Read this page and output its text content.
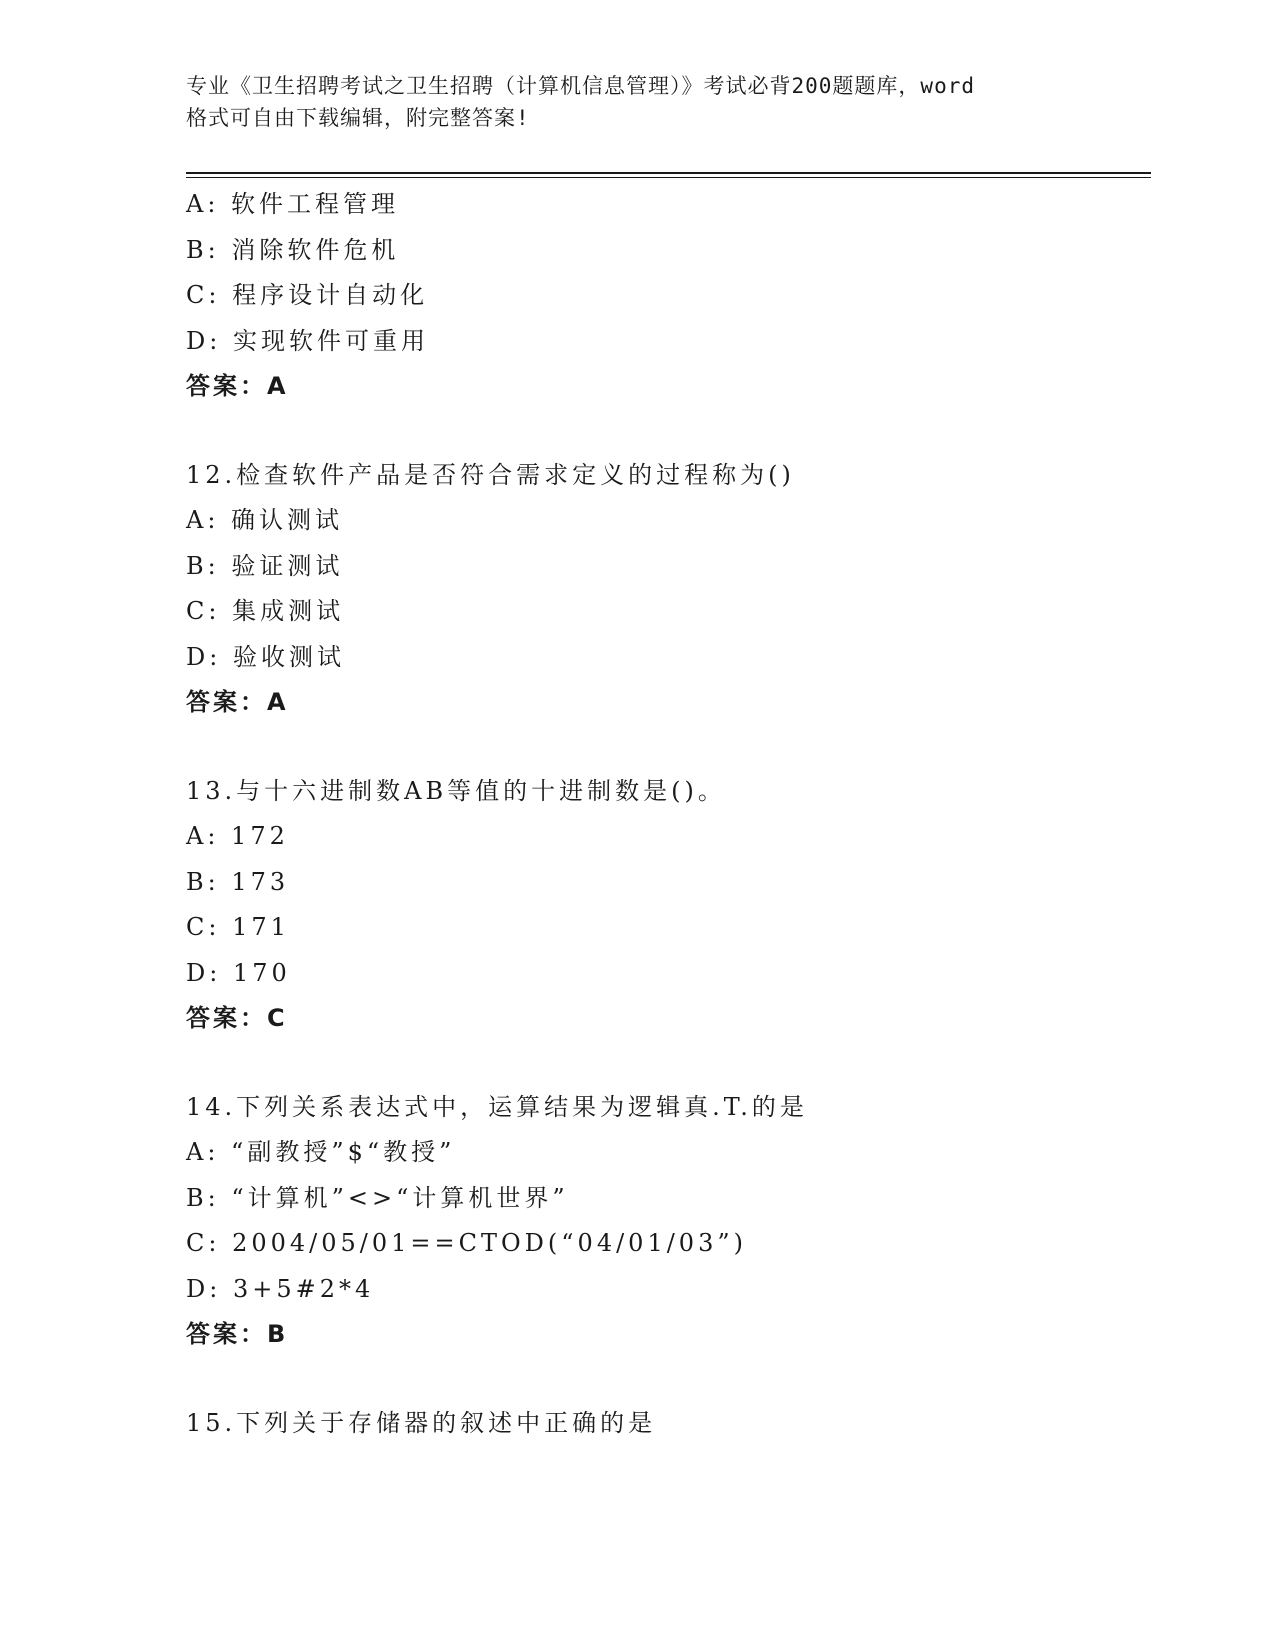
专业《卫生招聘考试之卫生招聘（计算机信息管理）》考试必背200题题库，word
格式可自由下载编辑，附完整答案!

A: 软件工程管理

B: 消除软件危机

C: 程序设计自动化

D: 实现软件可重用

答案：A

12.检查软件产品是否符合需求定义的过程称为()

A: 确认测试

B: 验证测试

C: 集成测试

D: 验收测试

答案：A

13.与十六进制数AB等值的十进制数是()。

A: 172

B: 173

C: 171

D: 170

答案：C

14.下列关系表达式中，运算结果为逻辑真.T.的是

A: “副教授”$“教授”

B: “计算机”<>“计算机世界”

C: 2004/05/01==CTOD(“04/01/03”)

D: 3+5#2*4

答案：B

15.下列关于存储器的叙述中正确的是
